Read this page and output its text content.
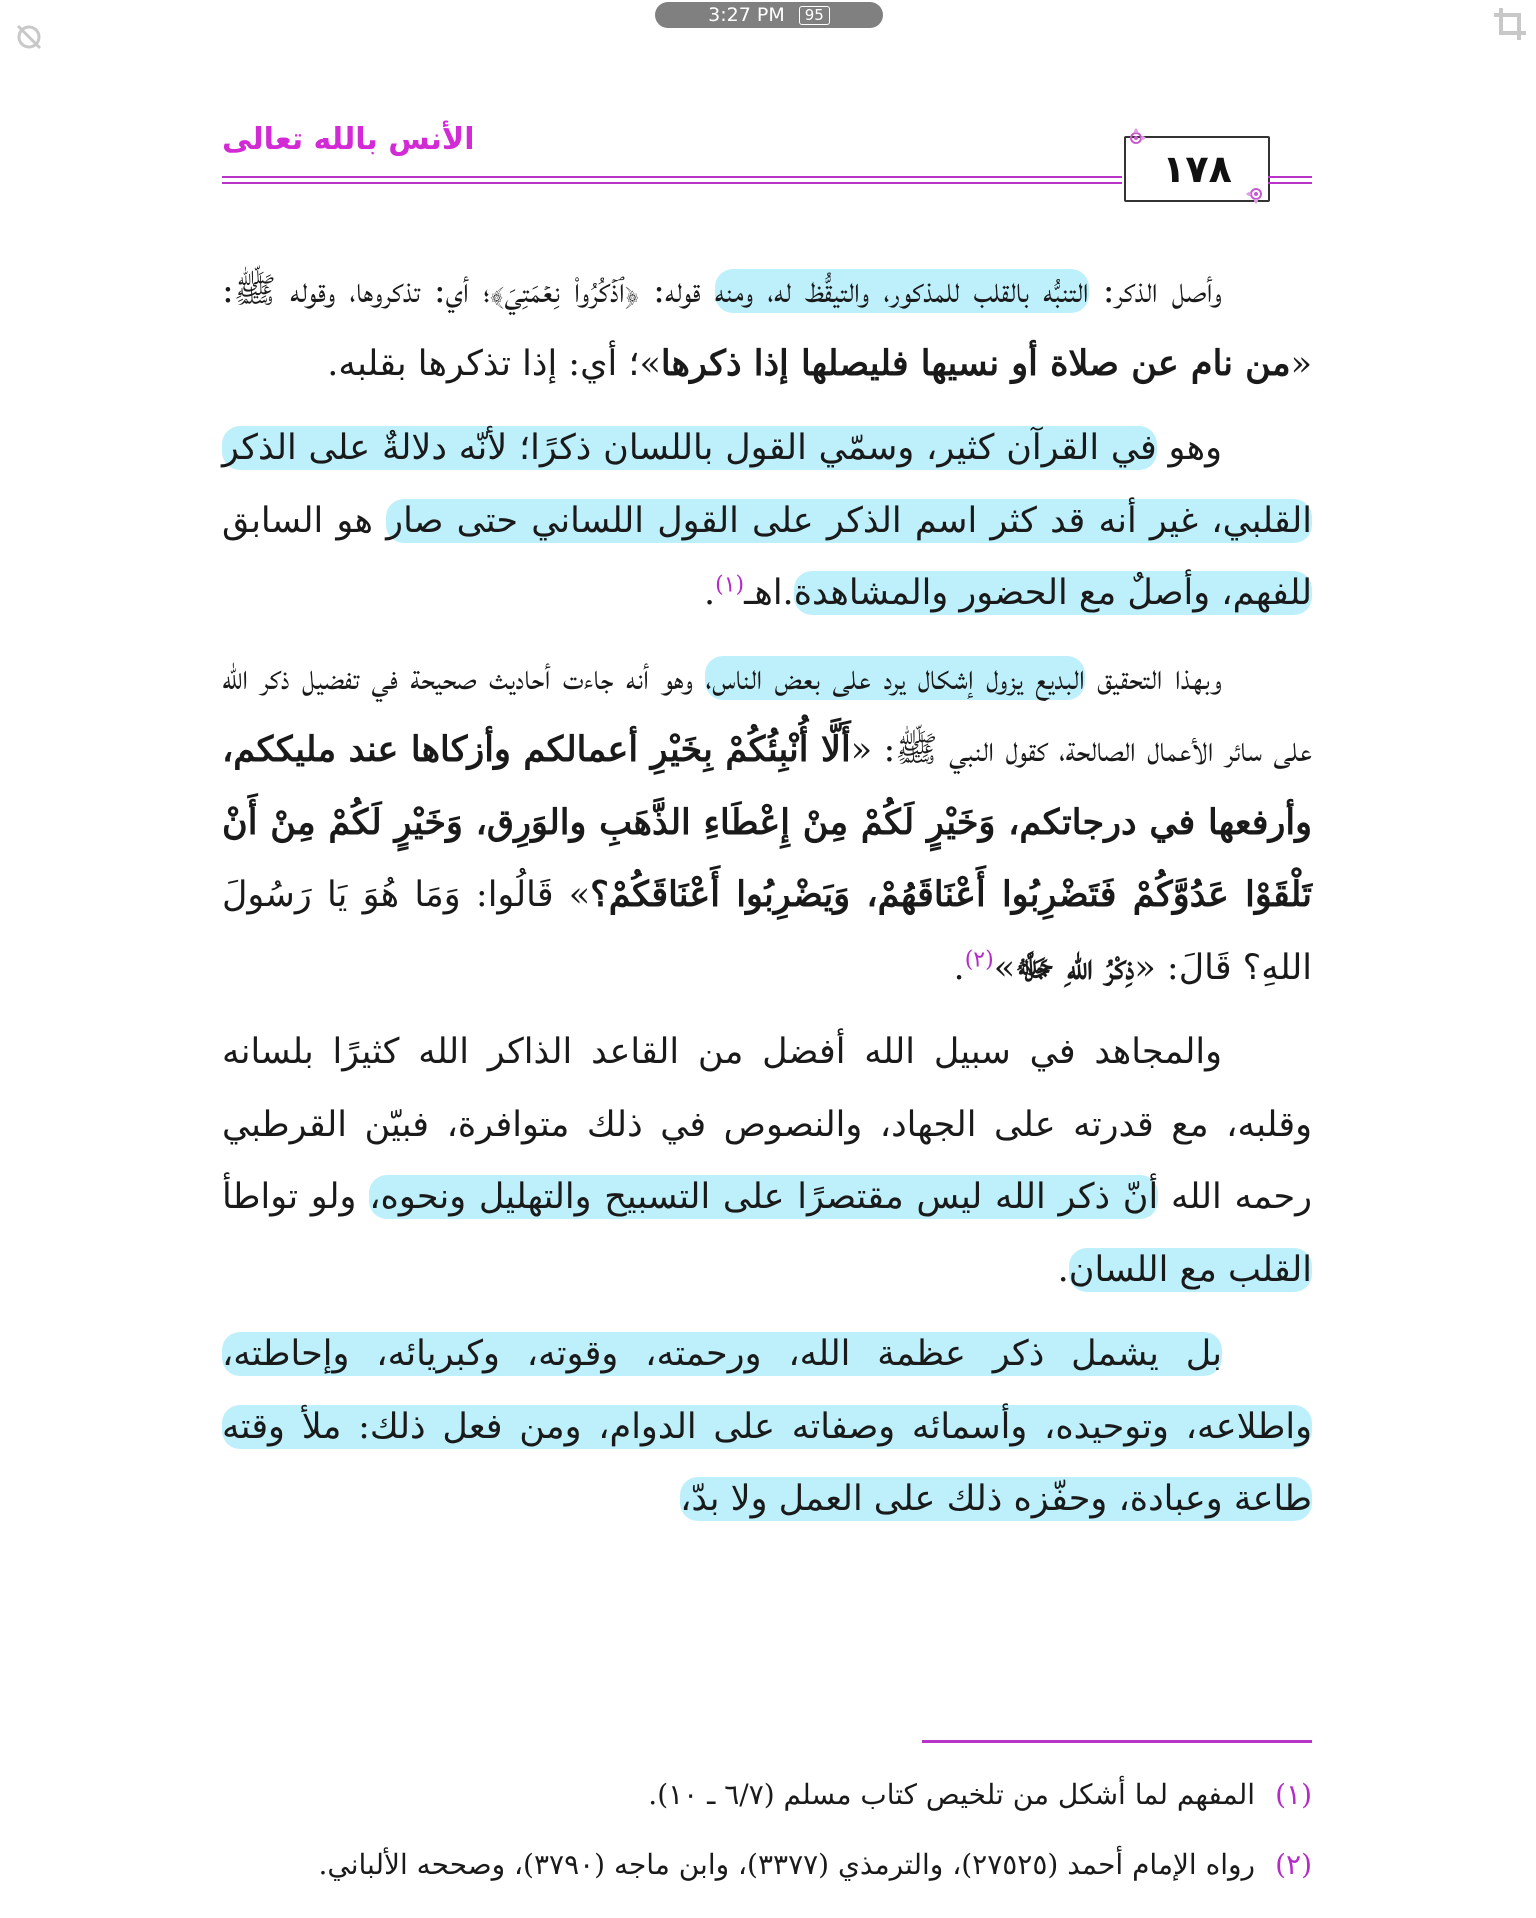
3:27 PM	95
الأنس بالله تعالى
١٧٨

وأصل الذكر: التنبُّه بالقلب للمذكور، والتيقُّظ له، ومنه قوله: ﴿ٱذۡكُرُواْ نِعۡمَتِيَ﴾؛ أي: تذكروها، وقوله ﷺ: «من نام عن صلاة أو نسيها فليصلها إذا ذكرها»؛ أي: إذا تذكرها بقلبه.

وهو في القرآن كثير، وسمّي القول باللسان ذكرًا؛ لأنّه دلالةٌ على الذكر القلبي، غير أنه قد كثر اسم الذكر على القول اللساني حتى صار هو السابق للفهم، وأصلٌ مع الحضور والمشاهدة.اهـ$^{(١)}$.

وبهذا التحقيق البديع يزول إشكال يرد على بعض الناس، وهو أنه جاءت أحاديث صحيحة في تفضيل ذكر الله على سائر الأعمال الصالحة، كقول النبي ﷺ: «أَلَّا أُنْبِئُكُمْ بِخَيْرِ أعمالكم وأزكاها عند مليككم، وأرفعها في درجاتكم، وَخَيْرٍ لَكُمْ مِنْ إِعْطَاءِ الذَّهَبِ والوَرِق، وَخَيْرٍ لَكُمْ مِنْ أَنْ تَلْقَوْا عَدُوَّكُمْ فَتَضْرِبُوا أَعْنَاقَهُمْ، وَيَضْرِبُوا أَعْنَاقَكُمْ؟» قَالُوا: وَمَا هُوَ يَا رَسُولَ اللهِ؟ قَالَ: «ذِكْرُ اللهِ ﷻ»$^{(٢)}$.

والمجاهد في سبيل الله أفضل من القاعد الذاكر الله كثيرًا بلسانه وقلبه، مع قدرته على الجهاد، والنصوص في ذلك متوافرة، فبيّن القرطبي رحمه الله أنّ ذكر الله ليس مقتصرًا على التسبيح والتهليل ونحوه، ولو تواطأ القلب مع اللسان.

بل يشمل ذكر عظمة الله، ورحمته، وقوته، وكبريائه، وإحاطته، واطلاعه، وتوحيده، وأسمائه وصفاته على الدوام، ومن فعل ذلك: ملأ وقته طاعة وعبادة، وحفّزه ذلك على العمل ولا بدّ،

(١)المفهم لما أشكل من تلخيص كتاب مسلم (٦/٧ ـ ١٠).
(٢)رواه الإمام أحمد (٢٧٥٢٥)، والترمذي (٣٣٧٧)، وابن ماجه (٣٧٩٠)، وصححه الألباني.
